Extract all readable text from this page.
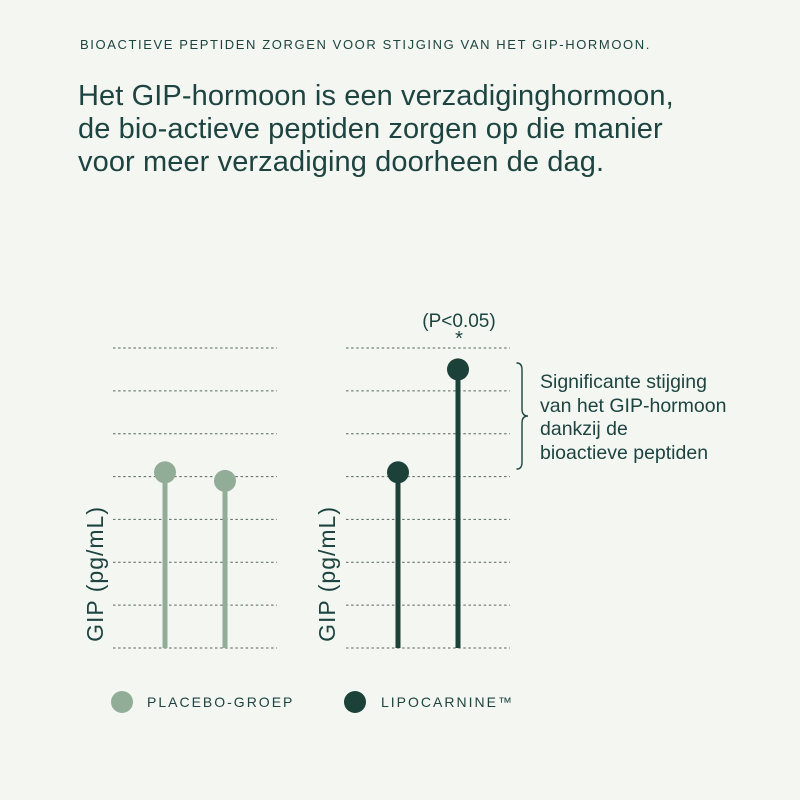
BIOACTIEVE PEPTIDEN ZORGEN VOOR STIJGING VAN HET GIP-HORMOON.
Het GIP-hormoon is een verzadiginghormoon,
de bio-actieve peptiden zorgen op die manier
voor meer verzadiging doorheen de dag.
(P<0.05)
*
GIP (pg/mL)	GIP (pg/mL)
Significante stijging
van het GIP-hormoon
dankzij de
bioactieve peptiden
PLACEBO-GROEP	LIPOCARNINE™
